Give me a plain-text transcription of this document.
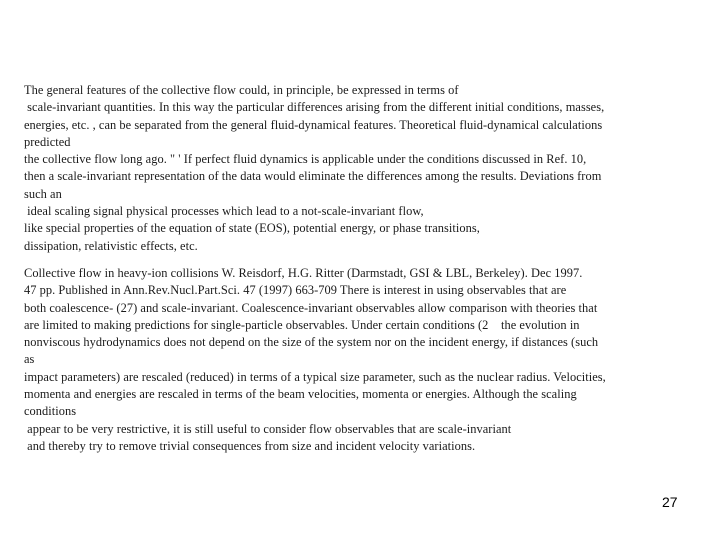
The general features of the collective flow could, in principle, be expressed in terms of
scale-invariant quantities. In this way the particular differences arising from the different initial conditions, masses,
energies, etc. , can be separated from the general fluid-dynamical features. Theoretical fluid-dynamical calculations
predicted
the collective flow long ago. " ' If perfect fluid dynamics is applicable under the conditions discussed in Ref. 10,
then a scale-invariant representation of the data would eliminate the differences among the results. Deviations from
such an
ideal scaling signal physical processes which lead to a not-scale-invariant flow,
like special properties of the equation of state (EOS), potential energy, or phase transitions,
dissipation, relativistic effects, etc.
Collective flow in heavy-ion collisions W. Reisdorf, H.G. Ritter (Darmstadt, GSI & LBL, Berkeley). Dec 1997.
47 pp. Published in Ann.Rev.Nucl.Part.Sci. 47 (1997) 663-709 There is interest in using observables that are
both coalescence- (27) and scale-invariant. Coalescence-invariant observables allow comparison with theories that
are limited to making predictions for single-particle observables. Under certain conditions (2    the evolution in
nonviscous hydrodynamics does not depend on the size of the system nor on the incident energy, if distances (such
as
impact parameters) are rescaled (reduced) in terms of a typical size parameter, such as the nuclear radius. Velocities,
momenta and energies are rescaled in terms of the beam velocities, momenta or energies. Although the scaling
conditions
appear to be very restrictive, it is still useful to consider flow observables that are scale-invariant
and thereby try to remove trivial consequences from size and incident velocity variations.
27
